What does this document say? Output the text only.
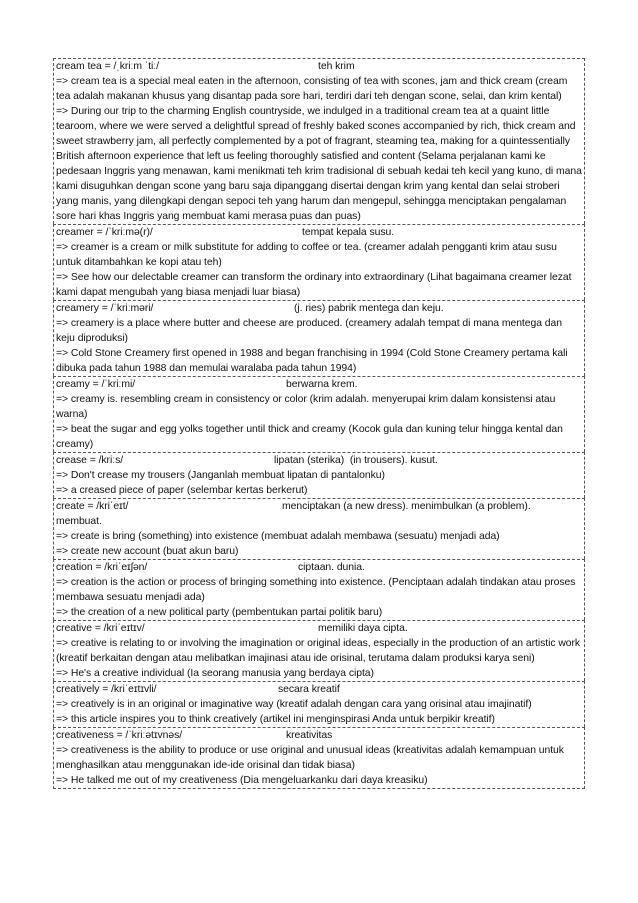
cream tea = /ˌkriːm ˈtiː/	teh krim
=> cream tea is a special meal eaten in the afternoon, consisting of tea with scones, jam and thick cream (cream tea adalah makanan khusus yang disantap pada sore hari, terdiri dari teh dengan scone, selai, dan krim kental)
=> During our trip to the charming English countryside, we indulged in a traditional cream tea at a quaint little tearoom, where we were served a delightful spread of freshly baked scones accompanied by rich, thick cream and sweet strawberry jam, all perfectly complemented by a pot of fragrant, steaming tea, making for a quintessentially British afternoon experience that left us feeling thoroughly satisfied and content (Selama perjalanan kami ke pedesaan Inggris yang menawan, kami menikmati teh krim tradisional di sebuah kedai teh kecil yang kuno, di mana kami disuguhkan dengan scone yang baru saja dipanggang disertai dengan krim yang kental dan selai stroberi yang manis, yang dilengkapi dengan sepoci teh yang harum dan mengepul, sehingga menciptakan pengalaman sore hari khas Inggris yang membuat kami merasa puas dan puas)
creamer = /ˈkriːmə(r)/	tempat kepala susu.
=> creamer is a cream or milk substitute for adding to coffee or tea. (creamer adalah pengganti krim atau susu untuk ditambahkan ke kopi atau teh)
=> See how our delectable creamer can transform the ordinary into extraordinary (Lihat bagaimana creamer lezat kami dapat mengubah yang biasa menjadi luar biasa)
creamery = /ˈkriːməri/	(j. ries) pabrik mentega dan keju.
=> creamery is a place where butter and cheese are produced. (creamery adalah tempat di mana mentega dan keju diproduksi)
=> Cold Stone Creamery first opened in 1988 and began franchising in 1994 (Cold Stone Creamery pertama kali dibuka pada tahun 1988 dan memulai waralaba pada tahun 1994)
creamy = /ˈkriːmi/	berwarna krem.
=> creamy is. resembling cream in consistency or color (krim adalah. menyerupai krim dalam konsistensi atau warna)
=> beat the sugar and egg yolks together until thick and creamy (Kocok gula dan kuning telur hingga kental dan creamy)
crease = /kriːs/	lipatan (sterika)  (in trousers). kusut.
=> Don't crease my trousers (Janganlah membuat lipatan di pantalonku)
=> a creased piece of paper (selembar kertas berkerut)
create = /kriˈeɪt/	menciptakan (a new dress). menimbulkan (a problem).
membuat.
=> create is bring (something) into existence (membuat adalah membawa (sesuatu) menjadi ada)
=> create new account (buat akun baru)
creation = /kriˈeɪʃən/	ciptaan. dunia.
=> creation is the action or process of bringing something into existence. (Penciptaan adalah tindakan atau proses membawa sesuatu menjadi ada)
=> the creation of a new political party (pembentukan partai politik baru)
creative = /kriˈeɪtɪv/	memiliki daya cipta.
=> creative is relating to or involving the imagination or original ideas, especially in the production of an artistic work (kreatif berkaitan dengan atau melibatkan imajinasi atau ide orisinal, terutama dalam produksi karya seni)
=> He's a creative individual (Ia seorang manusia yang berdaya cipta)
creatively = /kriˈeɪtɪvli/	secara kreatif
=> creatively is in an original or imaginative way (kreatif adalah dengan cara yang orisinal atau imajinatif)
=> this article inspires you to think creatively (artikel ini menginspirasi Anda untuk berpikir kreatif)
creativeness = /ˈkriːətɪvnəs/	kreativitas
=> creativeness is the ability to produce or use original and unusual ideas (kreativitas adalah kemampuan untuk menghasilkan atau menggunakan ide-ide orisinal dan tidak biasa)
=> He talked me out of my creativeness (Dia mengeluarkanku dari daya kreasiku)
